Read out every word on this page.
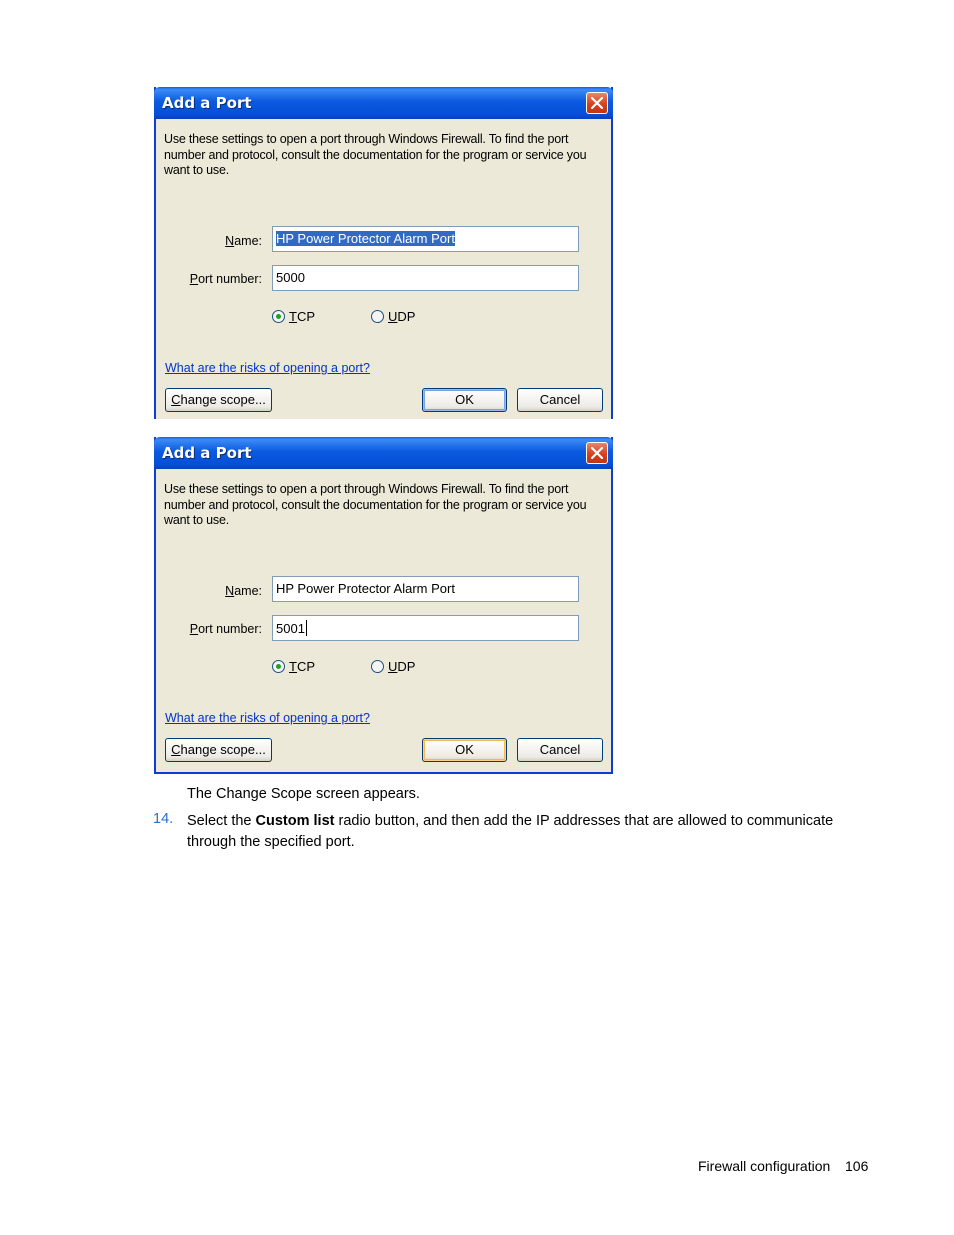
Add a Port
Use these settings to open a port through Windows Firewall. To find the port number and protocol, consult the documentation for the program or service you want to use.
Name:	HP Power Protector Alarm Port
Port number:	5000
TCP	UDP
What are the risks of opening a port?
Change scope...	OK	Cancel
Add a Port
Use these settings to open a port through Windows Firewall. To find the port number and protocol, consult the documentation for the program or service you want to use.
Name:	HP Power Protector Alarm Port
Port number:	5001
TCP	UDP
What are the risks of opening a port?
Change scope...	OK	Cancel
The Change Scope screen appears.
14. Select the Custom list radio button, and then add the IP addresses that are allowed to communicate
through the specified port.
Firewall configuration 106
